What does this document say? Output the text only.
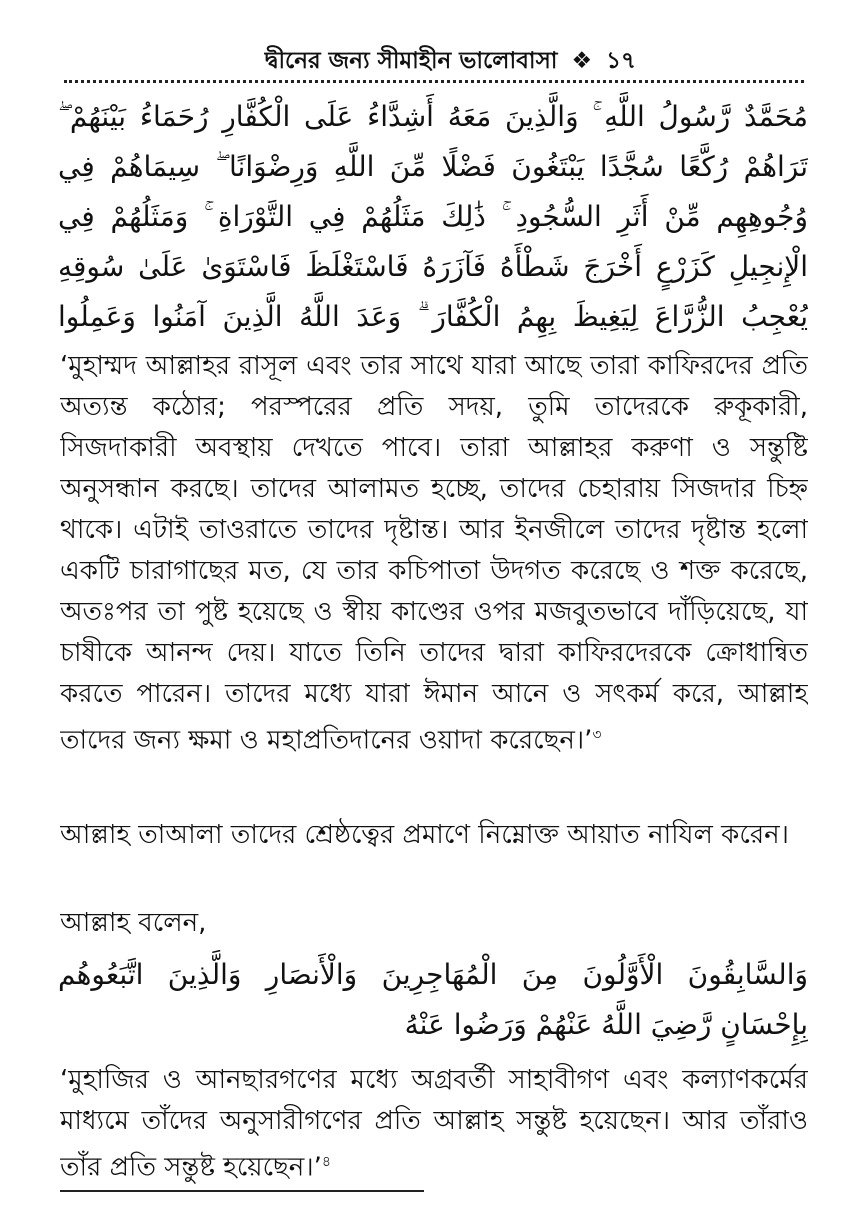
দ্বীনের জন্য সীমাহীন ভালোবাসা ❖ ১৭
مُحَمَّدٌ رَّسُولُ اللَّهِ ۚ وَالَّذِينَ مَعَهُ أَشِدَّاءُ عَلَى الْكُفَّارِ رُحَمَاءُ بَيْنَهُمْ ۖ تَرَاهُمْ رُكَّعًا سُجَّدًا يَبْتَغُونَ فَضْلًا مِّنَ اللَّهِ وَرِضْوَانًا ۖ سِيمَاهُمْ فِي وُجُوهِهِم مِّنْ أَثَرِ السُّجُودِ ۚ ذَٰلِكَ مَثَلُهُمْ فِي التَّوْرَاةِ ۚ وَمَثَلُهُمْ فِي الْإِنجِيلِ كَزَرْعٍ أَخْرَجَ شَطْأَهُ فَآزَرَهُ فَاسْتَغْلَظَ فَاسْتَوَىٰ عَلَىٰ سُوقِهِ يُعْجِبُ الزُّرَّاعَ لِيَغِيظَ بِهِمُ الْكُفَّارَ ۗ وَعَدَ اللَّهُ الَّذِينَ آمَنُوا وَعَمِلُوا
‘মুহাম্মদ আল্লাহর রাসূল এবং তার সাথে যারা আছে তারা কাফিরদের প্রতি অত্যন্ত কঠোর; পরস্পরের প্রতি সদয়, তুমি তাদেরকে রুকূকারী, সিজদাকারী অবস্থায় দেখতে পাবে। তারা আল্লাহর করুণা ও সন্তুষ্টি অনুসন্ধান করছে। তাদের আলামত হচ্ছে, তাদের চেহারায় সিজদার চিহ্ন থাকে। এটাই তাওরাতে তাদের দৃষ্টান্ত। আর ইনজীলে তাদের দৃষ্টান্ত হলো একটি চারাগাছের মত, যে তার কচিপাতা উদগত করেছে ও শক্ত করেছে, অতঃপর তা পুষ্ট হয়েছে ও স্বীয় কাণ্ডের ওপর মজবুতভাবে দাঁড়িয়েছে, যা চাষীকে আনন্দ দেয়। যাতে তিনি তাদের দ্বারা কাফিরদেরকে ক্রোধান্বিত করতে পারেন। তাদের মধ্যে যারা ঈমান আনে ও সৎকর্ম করে, আল্লাহ তাদের জন্য ক্ষমা ও মহাপ্রতিদানের ওয়াদা করেছেন।’$^৩$
আল্লাহ তাআলা তাদের শ্রেষ্ঠত্বের প্রমাণে নিম্নোক্ত আয়াত নাযিল করেন।
আল্লাহ বলেন,
وَالسَّابِقُونَ الْأَوَّلُونَ مِنَ الْمُهَاجِرِينَ وَالْأَنصَارِ وَالَّذِينَ اتَّبَعُوهُم بِإِحْسَانٍ رَّضِيَ اللَّهُ عَنْهُمْ وَرَضُوا عَنْهُ
‘মুহাজির ও আনছারগণের মধ্যে অগ্রবর্তী সাহাবীগণ এবং কল্যাণকর্মের মাধ্যমে তাঁদের অনুসারীগণের প্রতি আল্লাহ সন্তুষ্ট হয়েছেন। আর তাঁরাও তাঁর প্রতি সন্তুষ্ট হয়েছেন।’$^৪$
